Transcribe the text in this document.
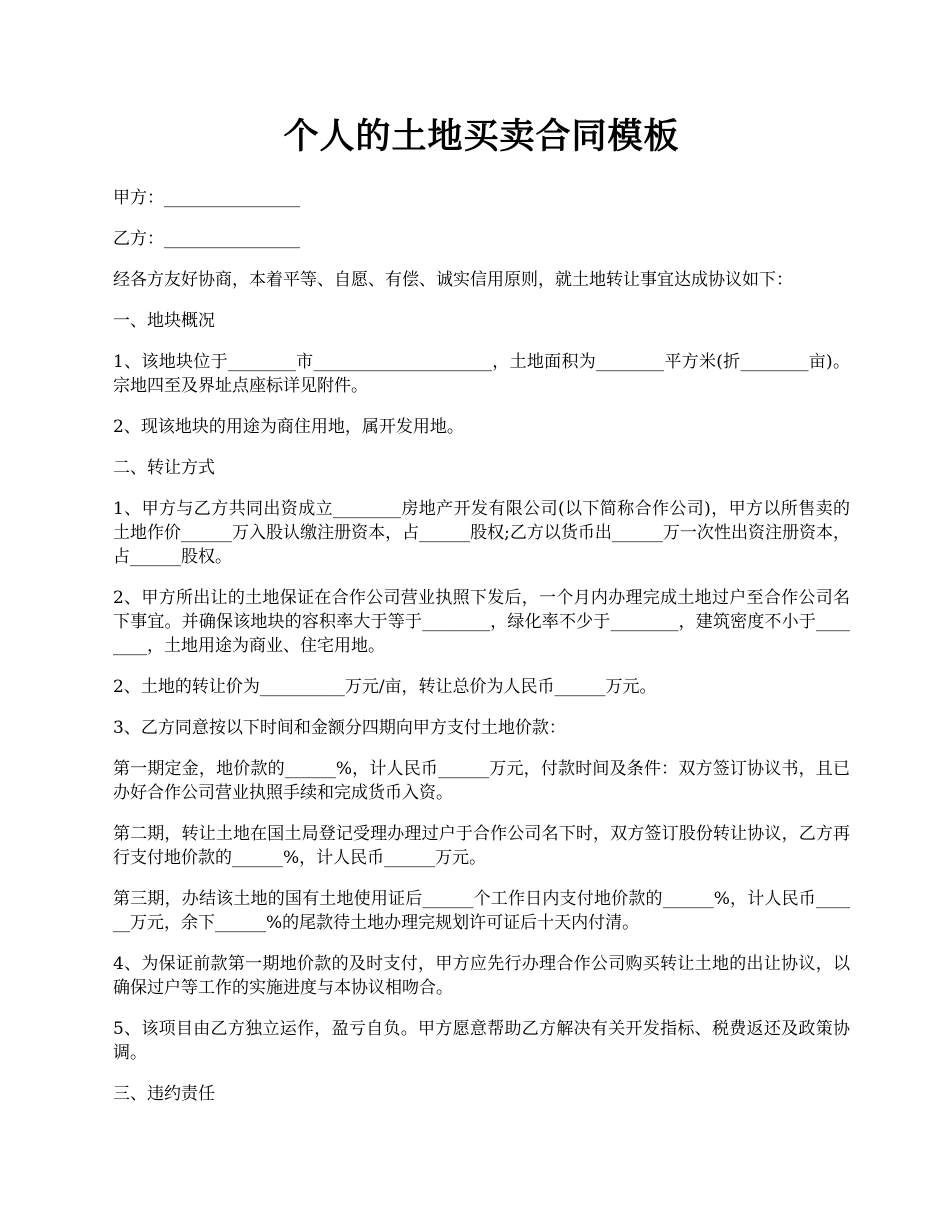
个人的土地买卖合同模板

甲方：________________

乙方：________________

经各方友好协商，本着平等、自愿、有偿、诚实信用原则，就土地转让事宜达成协议如下：

一、地块概况

1、该地块位于________市_____________________，土地面积为________平方米(折________亩)。宗地四至及界址点座标详见附件。

2、现该地块的用途为商住用地，属开发用地。

二、转让方式

1、甲方与乙方共同出资成立________房地产开发有限公司(以下简称合作公司)，甲方以所售卖的土地作价______万入股认缴注册资本，占______股权;乙方以货币出______万一次性出资注册资本，占______股权。

2、甲方所出让的土地保证在合作公司营业执照下发后，一个月内办理完成土地过户至合作公司名下事宜。并确保该地块的容积率大于等于________，绿化率不少于________，建筑密度不小于________，土地用途为商业、住宅用地。

2、土地的转让价为__________万元/亩，转让总价为人民币______万元。

3、乙方同意按以下时间和金额分四期向甲方支付土地价款：

第一期定金，地价款的______%，计人民币______万元，付款时间及条件：双方签订协议书，且已办好合作公司营业执照手续和完成货币入资。

第二期，转让土地在国土局登记受理办理过户于合作公司名下时，双方签订股份转让协议，乙方再行支付地价款的______%，计人民币______万元。

第三期，办结该土地的国有土地使用证后______个工作日内支付地价款的______%，计人民币______万元，余下______%的尾款待土地办理完规划许可证后十天内付清。

4、为保证前款第一期地价款的及时支付，甲方应先行办理合作公司购买转让土地的出让协议，以确保过户等工作的实施进度与本协议相吻合。

5、该项目由乙方独立运作，盈亏自负。甲方愿意帮助乙方解决有关开发指标、税费返还及政策协调。

三、违约责任
